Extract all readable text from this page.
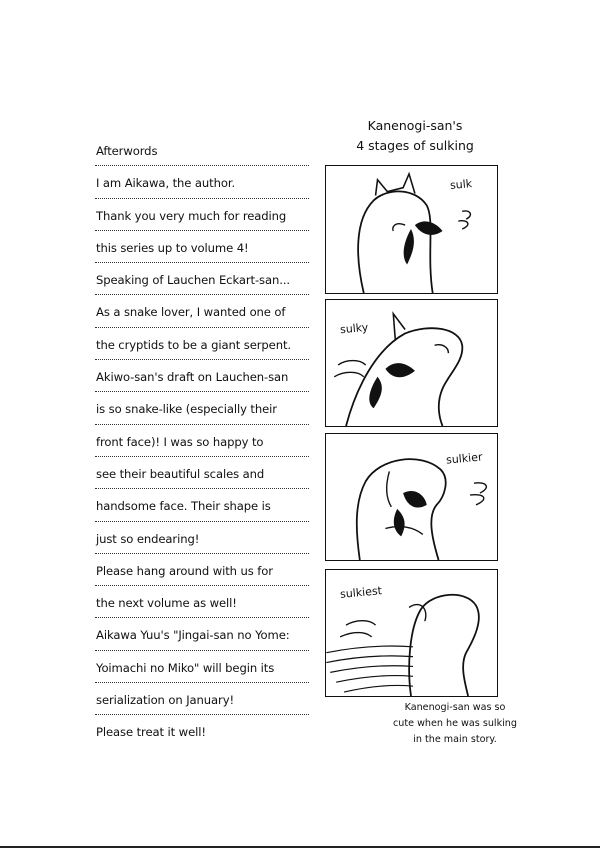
Afterwords
I am Aikawa, the author.
Thank you very much for reading
this series up to volume 4!
Speaking of Lauchen Eckart-san...
As a snake lover, I wanted one of
the cryptids to be a giant serpent.
Akiwo-san's draft on Lauchen-san
is so snake-like (especially their
front face)! I was so happy to
see their beautiful scales and
handsome face. Their shape is
just so endearing!
Please hang around with us for
the next volume as well!
Aikawa Yuu's "Jingai-san no Yome:
Yoimachi no Miko" will begin its
serialization on January!
Please treat it well!
Kanenogi-san's
4 stages of sulking
sulk
sulky
sulkier
sulkiest
Kanenogi-san was so
cute when he was sulking
in the main story.
